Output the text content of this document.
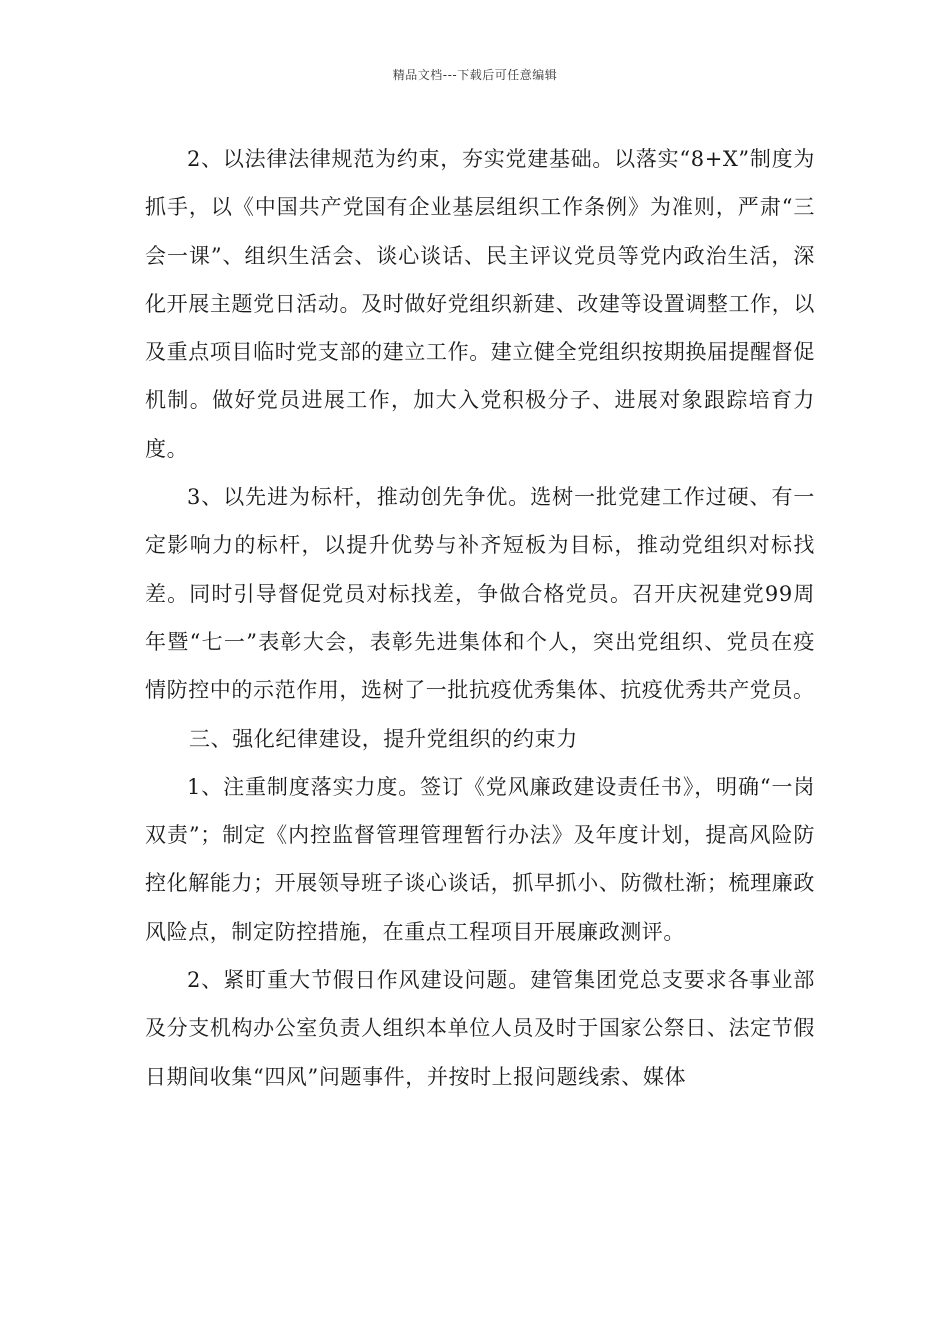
精品文档---下载后可任意编辑

2、以法律法律规范为约束，夯实党建基础。以落实“8+X”制度为抓手，以《中国共产党国有企业基层组织工作条例》为准则，严肃“三会一课”、组织生活会、谈心谈话、民主评议党员等党内政治生活，深化开展主题党日活动。及时做好党组织新建、改建等设置调整工作，以及重点项目临时党支部的建立工作。建立健全党组织按期换届提醒督促机制。做好党员进展工作，加大入党积极分子、进展对象跟踪培育力度。

3、以先进为标杆，推动创先争优。选树一批党建工作过硬、有一定影响力的标杆，以提升优势与补齐短板为目标，推动党组织对标找差。同时引导督促党员对标找差，争做合格党员。召开庆祝建党99周年暨“七一”表彰大会，表彰先进集体和个人，突出党组织、党员在疫情防控中的示范作用，选树了一批抗疫优秀集体、抗疫优秀共产党员。

三、强化纪律建设，提升党组织的约束力

1、注重制度落实力度。签订《党风廉政建设责任书》，明确“一岗双责”；制定《内控监督管理管理暂行办法》及年度计划，提高风险防控化解能力；开展领导班子谈心谈话，抓早抓小、防微杜渐；梳理廉政风险点，制定防控措施，在重点工程项目开展廉政测评。

2、紧盯重大节假日作风建设问题。建管集团党总支要求各事业部及分支机构办公室负责人组织本单位人员及时于国家公祭日、法定节假日期间收集“四风”问题事件，并按时上报问题线索、媒体
